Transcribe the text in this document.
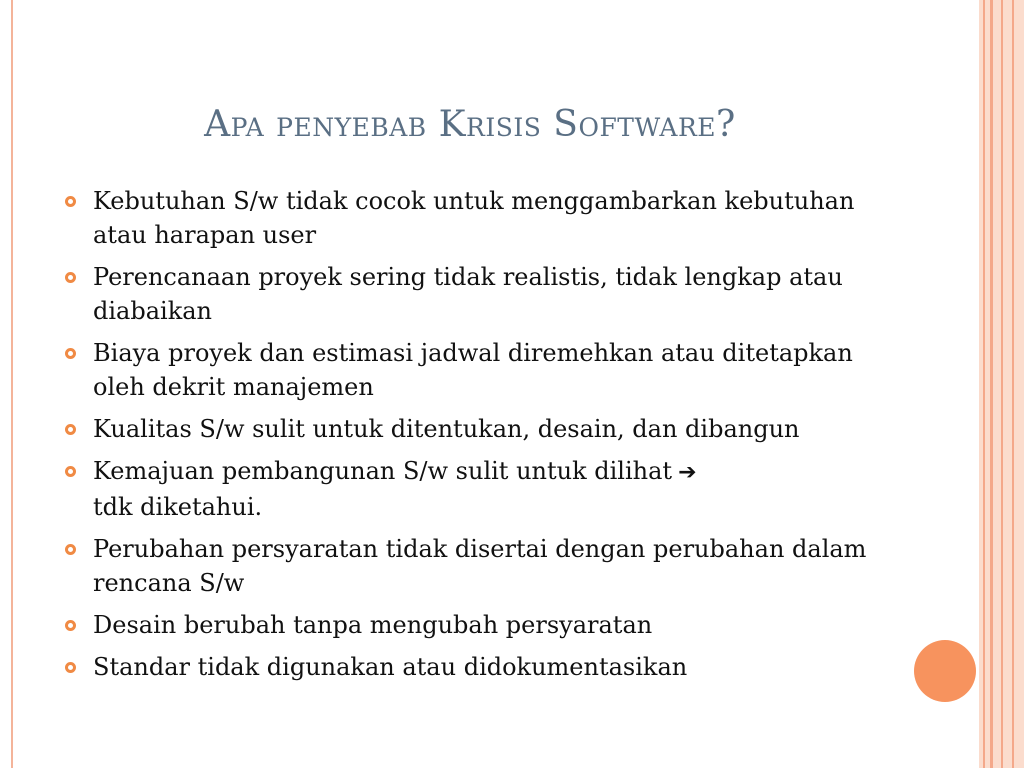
Apa penyebab Krisis Software?
Kebutuhan S/w tidak cocok untuk menggambarkan kebutuhan atau harapan user
Perencanaan proyek sering tidak realistis, tidak lengkap atau diabaikan
Biaya proyek dan estimasi jadwal diremehkan atau ditetapkan oleh dekrit manajemen
Kualitas S/w sulit untuk ditentukan, desain, dan dibangun
Kemajuan pembangunan S/w sulit untuk dilihat ➔
tdk diketahui.
Perubahan persyaratan tidak disertai dengan perubahan dalam rencana S/w
Desain berubah tanpa mengubah persyaratan
Standar tidak digunakan atau didokumentasikan
